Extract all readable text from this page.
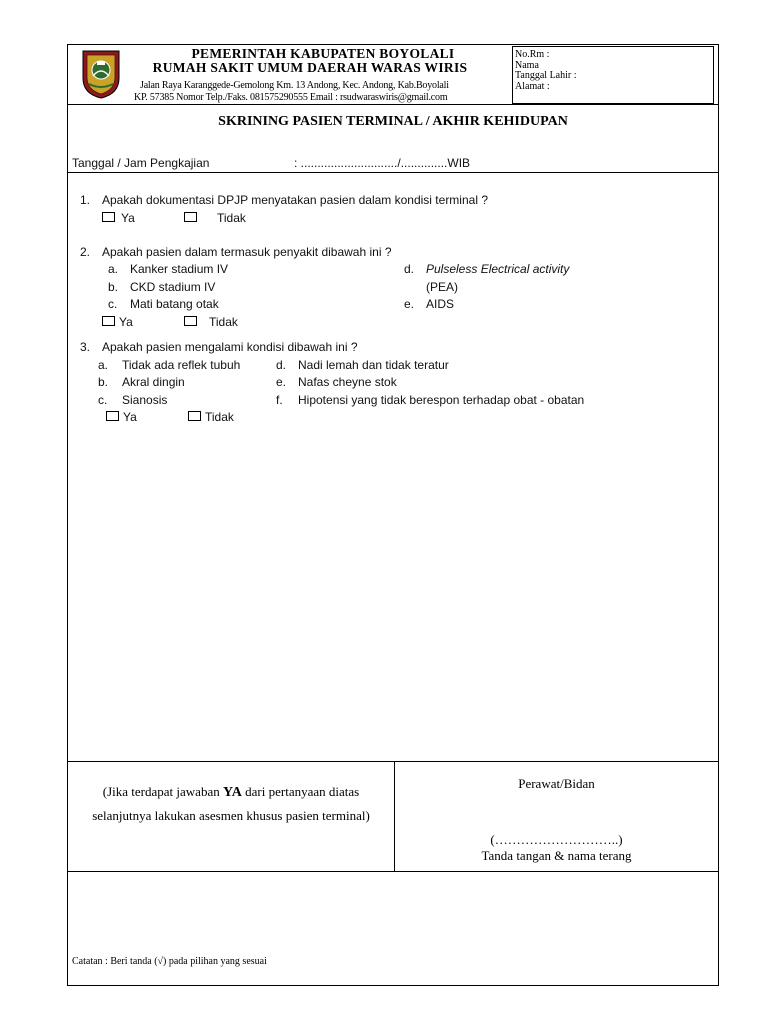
PEMERINTAH KABUPATEN BOYOLALI
RUMAH SAKIT UMUM DAERAH WARAS WIRIS
Jalan Raya Karanggede-Gemolong Km. 13 Andong, Kec. Andong, Kab.Boyolali
KP. 57385 Nomor Telp./Faks. 081575290555 Email : rsudwaraswiris@gmail.com
No.Rm :
Nama
Tanggal Lahir :
Alamat :
SKRINING PASIEN TERMINAL / AKHIR KEHIDUPAN
Tanggal / Jam Pengkajian	: ............................./..............WIB
1. Apakah dokumentasi DPJP menyatakan pasien dalam kondisi terminal ?
Ya	Tidak
2. Apakah pasien dalam termasuk penyakit dibawah ini ?
a. Kanker stadium IV
b. CKD stadium IV
c. Mati batang otak
d. Pulseless Electrical activity
(PEA)
e. AIDS
Ya	Tidak
3. Apakah pasien mengalami kondisi dibawah ini ?
a. Tidak ada reflek tubuh
b. Akral dingin
c. Sianosis
d. Nadi lemah dan tidak teratur
e. Nafas cheyne stok
f. Hipotensi yang tidak berespon terhadap obat - obatan
Ya	Tidak
(Jika terdapat jawaban YA dari pertanyaan diatas selanjutnya lakukan asesmen khusus pasien terminal)
Perawat/Bidan
(………………………..)
Tanda tangan & nama terang
Catatan : Beri tanda (√) pada pilihan yang sesuai
